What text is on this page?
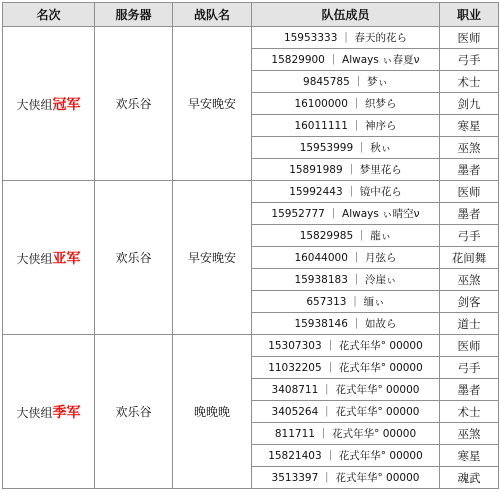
名次	服务器	战队名	队伍成员	职业
大侠组冠军	欢乐谷	早安晚安	15953333 ｜ 春天的花ら	医师
			15829900 ｜ Always ぃ春夏ν	弓手
			9845785 ｜ 梦ぃ	术士
			16100000 ｜ 织梦ら	剑九
			16011111 ｜ 神序ら	寒星
			15953999 ｜ 秋ぃ	巫煞
			15891989 ｜ 梦里花ら	墨者
大侠组亚军	欢乐谷	早安晚安	15992443 ｜ 镜中花ら	医师
			15952777 ｜ Always ぃ晴空ν	墨者
			15829985 ｜ 龍ぃ	弓手
			16044000 ｜ 月弦ら	花间舞
			15938183 ｜ 泠崖ぃ	巫煞
			657313 ｜ 缅ぃ	剑客
			15938146 ｜ 如故ら	道士
大侠组季军	欢乐谷	晚晚晚	15307303 ｜ 花式年华° 00000	医师
			11032205 ｜ 花式年华° 00000	弓手
			3408711 ｜ 花式年华° 00000	墨者
			3405264 ｜ 花式年华° 00000	术士
			811711 ｜ 花式年华° 00000	巫煞
			15821403 ｜ 花式年华° 00000	寒星
			3513397 ｜ 花式年华° 00000	魂武
